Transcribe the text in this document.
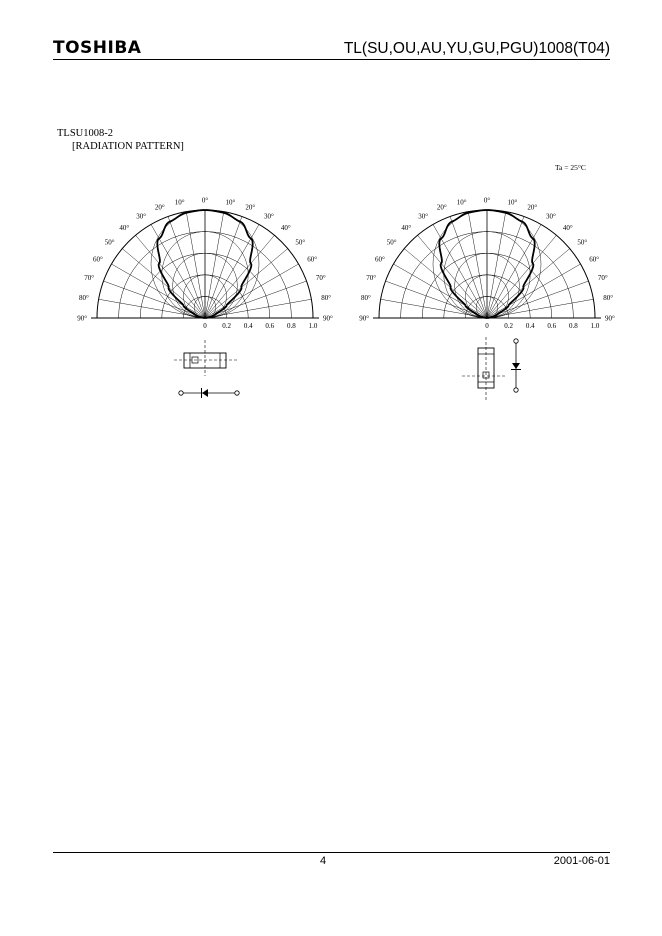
TOSHIBA	TL(SU,OU,AU,YU,GU,PGU)1008(T04)
TLSU1008-2
[RADIATION PATTERN]
Ta = 25°C
0°
10°
20°
30°
40°
50°
60°
70°
80°
90°
10°
20°
30°
40°
50°
60°
70°
80°
90°
0 0.2 0.4 0.6 0.8 1.0
0°
10°
20°
30°
40°
50°
60°
70°
80°
90°
10°
20°
30°
40°
50°
60°
70°
80°
90°
0 0.2 0.4 0.6 0.8 1.0
4	2001-06-01
